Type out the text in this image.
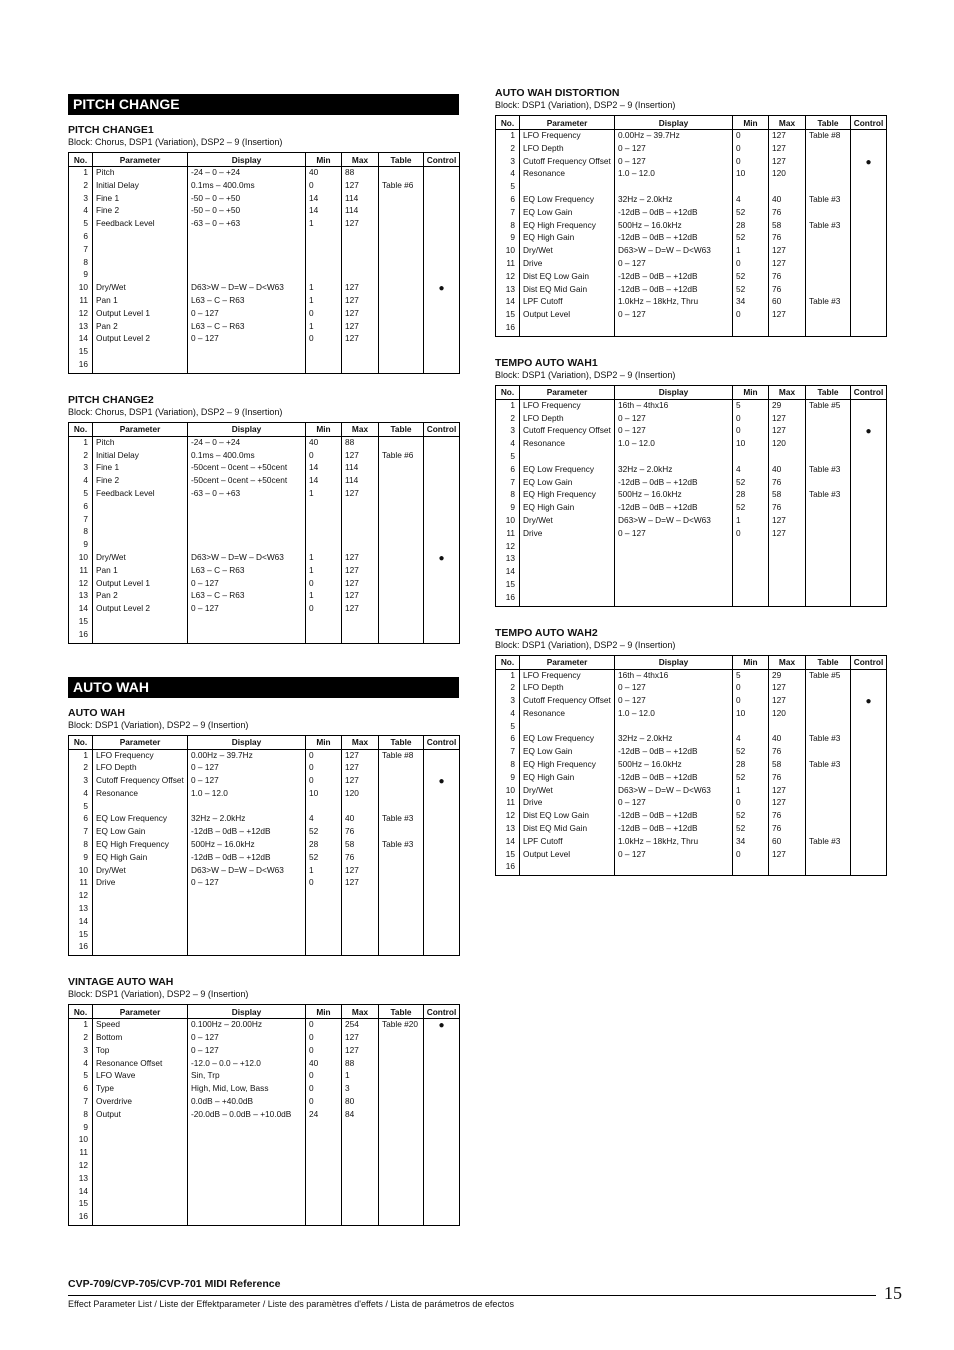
PITCH CHANGE
PITCH CHANGE1
Block: Chorus, DSP1 (Variation), DSP2 – 9 (Insertion)
No.	Parameter	Display	Min	Max	Table	Control
1	Pitch	-24 – 0 – +24	40	88		
2	Initial Delay	0.1ms – 400.0ms	0	127	Table #6	
3	Fine 1	-50 – 0 – +50	14	114		
4	Fine 2	-50 – 0 – +50	14	114		
5	Feedback Level	-63 – 0 – +63	1	127		
6						
7						
8						
9						
10	Dry/Wet	D63>W – D=W – D<W63	1	127		●
11	Pan 1	L63 – C – R63	1	127		
12	Output Level 1	0 – 127	0	127		
13	Pan 2	L63 – C – R63	1	127		
14	Output Level 2	0 – 127	0	127		
15						
16						
PITCH CHANGE2
Block: Chorus, DSP1 (Variation), DSP2 – 9 (Insertion)
No.	Parameter	Display	Min	Max	Table	Control
1	Pitch	-24 – 0 – +24	40	88		
2	Initial Delay	0.1ms – 400.0ms	0	127	Table #6	
3	Fine 1	-50cent – 0cent – +50cent	14	114		
4	Fine 2	-50cent – 0cent – +50cent	14	114		
5	Feedback Level	-63 – 0 – +63	1	127		
6						
7						
8						
9						
10	Dry/Wet	D63>W – D=W – D<W63	1	127		●
11	Pan 1	L63 – C – R63	1	127		
12	Output Level 1	0 – 127	0	127		
13	Pan 2	L63 – C – R63	1	127		
14	Output Level 2	0 – 127	0	127		
15						
16						
AUTO WAH
AUTO WAH
Block: DSP1 (Variation), DSP2 – 9 (Insertion)
No.	Parameter	Display	Min	Max	Table	Control
1	LFO Frequency	0.00Hz – 39.7Hz	0	127	Table #8	
2	LFO Depth	0 – 127	0	127		
3	Cutoff Frequency Offset	0 – 127	0	127		●
4	Resonance	1.0 – 12.0	10	120		
5						
6	EQ Low Frequency	32Hz – 2.0kHz	4	40	Table #3	
7	EQ Low Gain	-12dB – 0dB – +12dB	52	76		
8	EQ High Frequency	500Hz – 16.0kHz	28	58	Table #3	
9	EQ High Gain	-12dB – 0dB – +12dB	52	76		
10	Dry/Wet	D63>W – D=W – D<W63	1	127		
11	Drive	0 – 127	0	127		
12						
13						
14						
15						
16						
VINTAGE AUTO WAH
Block: DSP1 (Variation), DSP2 – 9 (Insertion)
No.	Parameter	Display	Min	Max	Table	Control
1	Speed	0.100Hz – 20.00Hz	0	254	Table #20	●
2	Bottom	0 – 127	0	127		
3	Top	0 – 127	0	127		
4	Resonance Offset	-12.0 – 0.0 – +12.0	40	88		
5	LFO Wave	Sin, Trp	0	1		
6	Type	High, Mid, Low, Bass	0	3		
7	Overdrive	0.0dB – +40.0dB	0	80		
8	Output	-20.0dB – 0.0dB – +10.0dB	24	84		
9						
10						
11						
12						
13						
14						
15						
16						
AUTO WAH DISTORTION
Block: DSP1 (Variation), DSP2 – 9 (Insertion)
No.	Parameter	Display	Min	Max	Table	Control
1	LFO Frequency	0.00Hz – 39.7Hz	0	127	Table #8	
2	LFO Depth	0 – 127	0	127		
3	Cutoff Frequency Offset	0 – 127	0	127		●
4	Resonance	1.0 – 12.0	10	120		
5						
6	EQ Low Frequency	32Hz – 2.0kHz	4	40	Table #3	
7	EQ Low Gain	-12dB – 0dB – +12dB	52	76		
8	EQ High Frequency	500Hz – 16.0kHz	28	58	Table #3	
9	EQ High Gain	-12dB – 0dB – +12dB	52	76		
10	Dry/Wet	D63>W – D=W – D<W63	1	127		
11	Drive	0 – 127	0	127		
12	Dist EQ Low Gain	-12dB – 0dB – +12dB	52	76		
13	Dist EQ Mid Gain	-12dB – 0dB – +12dB	52	76		
14	LPF Cutoff	1.0kHz – 18kHz, Thru	34	60	Table #3	
15	Output Level	0 – 127	0	127		
16						
TEMPO AUTO WAH1
Block: DSP1 (Variation), DSP2 – 9 (Insertion)
No.	Parameter	Display	Min	Max	Table	Control
1	LFO Frequency	16th – 4thx16	5	29	Table #5	
2	LFO Depth	0 – 127	0	127		
3	Cutoff Frequency Offset	0 – 127	0	127		●
4	Resonance	1.0 – 12.0	10	120		
5						
6	EQ Low Frequency	32Hz – 2.0kHz	4	40	Table #3	
7	EQ Low Gain	-12dB – 0dB – +12dB	52	76		
8	EQ High Frequency	500Hz – 16.0kHz	28	58	Table #3	
9	EQ High Gain	-12dB – 0dB – +12dB	52	76		
10	Dry/Wet	D63>W – D=W – D<W63	1	127		
11	Drive	0 – 127	0	127		
12						
13						
14						
15						
16						
TEMPO AUTO WAH2
Block: DSP1 (Variation), DSP2 – 9 (Insertion)
No.	Parameter	Display	Min	Max	Table	Control
1	LFO Frequency	16th – 4thx16	5	29	Table #5	
2	LFO Depth	0 – 127	0	127		
3	Cutoff Frequency Offset	0 – 127	0	127		●
4	Resonance	1.0 – 12.0	10	120		
5						
6	EQ Low Frequency	32Hz – 2.0kHz	4	40	Table #3	
7	EQ Low Gain	-12dB – 0dB – +12dB	52	76		
8	EQ High Frequency	500Hz – 16.0kHz	28	58	Table #3	
9	EQ High Gain	-12dB – 0dB – +12dB	52	76		
10	Dry/Wet	D63>W – D=W – D<W63	1	127		
11	Drive	0 – 127	0	127		
12	Dist EQ Low Gain	-12dB – 0dB – +12dB	52	76		
13	Dist EQ Mid Gain	-12dB – 0dB – +12dB	52	76		
14	LPF Cutoff	1.0kHz – 18kHz, Thru	34	60	Table #3	
15	Output Level	0 – 127	0	127		
16						
CVP-709/CVP-705/CVP-701 MIDI Reference
Effect Parameter List / Liste der Effektparameter / Liste des paramètres d'effets / Lista de parámetros de efectos
15
